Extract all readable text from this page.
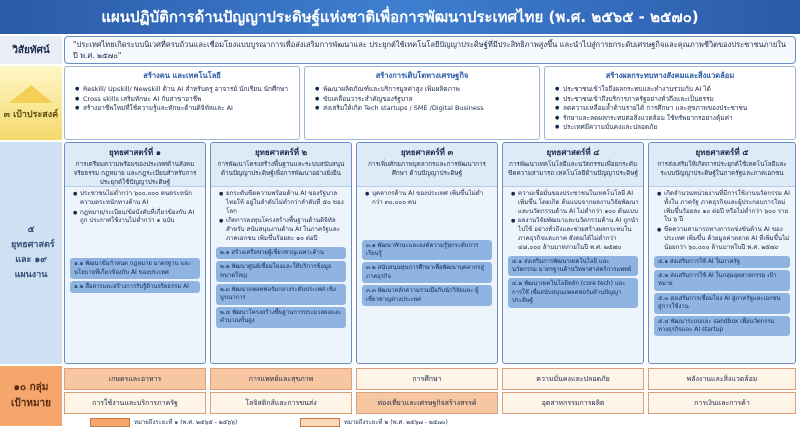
แผนปฏิบัติการด้านปัญญาประดิษฐ์แห่งชาติเพื่อการพัฒนาประเทศไทย (พ.ศ. ๒๕๖๕ - ๒๕๗๐)
วิสัยทัศน์
๓ เป้าประสงค์
๕ ยุทธศาสตร์ และ ๑๙ แผนงาน
๑๐ กลุ่มเป้าหมาย
"ประเทศไทยเกิดระบบนิเวศที่ครบถ้วนและเชื่อมโยงแบบบูรณาการเพื่อส่งเสริมการพัฒนาและ ประยุกต์ใช้เทคโนโลยีปัญญาประดิษฐ์ที่มีประสิทธิภาพสูงขึ้น และนำไปสู่การยกระดับเศรษฐกิจและคุณภาพชีวิตของประชาชนภายในปี พ.ศ. ๒๕๗๐"
สร้างคน และเทคโนโลยี
● Reskill/ Upskill/ Newskill ด้าน AI สำหรับครู อาจารย์ นักเรียน นักศึกษา
● Cross skills เสริมทักษะ AI กับสาขาอาชีพ
● สร้างอาชีพใหม่ที่ใช้ความรู้และทักษะด้านดิจิทัลและ AI
สร้างการเติบโตทางเศรษฐกิจ
● พัฒนาผลิตภัณฑ์และบริการมูลค่าสูง เพิ่มผลิตภาพ
● ขับเคลื่อนวาระสำคัญของรัฐบาล
● ส่งเสริมให้เกิด Tech startups / SME /Digital Business
สร้างผลกระทบทางสังคมและสิ่งแวดล้อม
● ประชาชนเข้าใจถึงผลกระทบและทำงานร่วมกับ AI ได้
● ประชาชนเข้าถึงบริการภาครัฐอย่างทั่วถึงและเป็นธรรม
● ลดความเหลื่อมล้ำด้านรายได้ การศึกษา และสุขภาพของประชาชน
● รักษาและลดผลกระทบต่อสิ่งแวดล้อม ใช้ทรัพยากรอย่างคุ้มค่า
● ประเทศมีความมั่นคงและปลอดภัย
ยุทธศาสตร์ที่ ๑
การเตรียมความพร้อมของประเทศด้านสังคม จริยธรรม กฎหมาย และกฎระเบียบสำหรับการ ประยุกต์ใช้ปัญญาประดิษฐ์
● ประชาชนไม่ต่ำกว่า ๖๐๐,๐๐๐ คนตระหนัก ความตระหนักทางด้าน AI
● กฎหมาย/ระเบียบ/ข้อบังคับที่เกี่ยวข้องกับ AI ถูก ประกาศใช้งานไม่ต่ำกว่า ๑ ฉบับ
๑.๑ พัฒนาข้อกำหนด กฎหมาย มาตรฐาน และ นโยบายที่เกี่ยวข้องกับ AI ของประเทศ
๑.๒ สื่อสารและสร้างการรับรู้ด้านจริยธรรม AI
ยุทธศาสตร์ที่ ๒
การพัฒนาโครงสร้างพื้นฐานและระบบสนับสนุน ด้านปัญญาประดิษฐ์เพื่อการพัฒนาอย่างยั่งยืน
● ยกระดับขีดความพร้อมด้าน AI ของรัฐบาลไทยให้ อยู่ในลำดับไม่ต่ำกว่าลำดับที่ ๕๐ ของโลก
● เกิดการลงทุนโครงสร้างพื้นฐานด้านดิจิทัลสำหรับ สนับสนุนงานด้าน AI ในภาครัฐและภาคเอกชน เพิ่มขึ้นร้อยละ ๑๐ ต่อปี
๒.๑ สร้างเครือข่ายผู้เชี่ยวชาญเฉพาะด้าน
๒.๒ พัฒนาศูนย์เชื่อมโยงและให้บริการข้อมูล ขนาดใหญ่
๒.๓ พัฒนาแพลตฟอร์มกลางระดับประเทศ เชิงบูรณาการ
๒.๔ พัฒนาโครงสร้างพื้นฐานการประมวลผลและ คำนวณขั้นสูง
ยุทธศาสตร์ที่ ๓
การเพิ่มศักยภาพบุคลากรและการพัฒนาการศึกษา ด้านปัญญาประดิษฐ์
● บุคลากรด้าน AI ของประเทศ เพิ่มขึ้นไม่ต่ำกว่า ๓๐,๐๐๐ คน
๓.๑ พัฒนาทักษะและองค์ความรู้ทุกระดับการ เรียนรู้
๓.๒ สนับสนุนทุนการศึกษาเพื่อพัฒนาบุคลากรสู่ ภาคธุรกิจ
๓.๓ พัฒนาหลักความร่วมมือกับนักวิจัยและ ผู้เชี่ยวชาญต่างประเทศ
ยุทธศาสตร์ที่ ๔
การพัฒนาเทคโนโลยีและนวัตกรรมเพื่อยกระดับขีดความสามารถ เทคโนโลยีด้านปัญญาประดิษฐ์
● ความเชื่อมั่นของประชาชนในเทคโนโลยี AI เพิ่มขึ้น โดยเกิด ต้นแบบจากผลงานวิจัยพัฒนาและนวัตกรรมด้าน AI ไม่ต่ำกว่า ๑๐๐ ต้นแบบ
● ผลงานวิจัยพัฒนาและนวัตกรรมด้าน AI ถูกนำไปใช้ อย่างทั่วถึงและช่วยสร้างผลกระทบในภาคธุรกิจและภาค สังคมได้ไม่ต่ำกว่า ๔๘,๐๐๐ ล้านบาทภายในปี พ.ศ. ๒๕๗๐
๔.๑ ส่งเสริมการพัฒนาเทคโนโลยี และนวัตกรรม มาตรฐานด้านวิทยาศาสตร์การแพทย์
๔.๒ พัฒนาเทคโนโลยีหลัก (core tech) และการใช้ เพื่อสนับสนุนแพลตฟอร์มด้านปัญญาประดิษฐ์
ยุทธศาสตร์ที่ ๕
การส่งเสริมให้เกิดการประยุกต์ใช้เทคโนโลยีและ ระบบปัญญาประดิษฐ์ในภาครัฐและภาคเอกชน
● เกิดจำนวนหน่วยงานที่มีการใช้งานนวัตกรรม AI ทั้งใน ภาครัฐ ภาคธุรกิจและผู้ประกอบการใหม่ เพิ่มขึ้นร้อยละ ๑๐ ต่อปี หรือไม่ต่ำกว่า ๖๐๐ รายใน ๖ ปี
● ขีดความสามารถทางการแข่งขันด้าน AI ของประเทศ เพิ่มขึ้น ด้วยมูลค่าตลาด AI ที่เพิ่มขึ้นไม่น้อยกว่า ๖๐,๐๐๐ ล้านบาทในปี พ.ศ. ๒๕๗๐
๕.๑ ส่งเสริมการใช้ AI ในภาครัฐ
๕.๒ ส่งเสริมการใช้ AI ในกลุ่มอุตสาหกรรม เป้าหมาย
๕.๓ ส่งเสริมการเชื่อมโยง AI สู่ภาครัฐและเอกชน สู่การใช้งาน
๕.๔ พัฒนาระบบและ sandbox เพื่อนวัตกรรม ทางธุรกิจและ AI startup
เกษตรและอาหาร	การแพทย์และสุขภาพ	การศึกษา	ความมั่นคงและปลอดภัย	พลังงานและสิ่งแวดล้อม
การใช้งานและบริการภาครัฐ	โลจิสติกส์และการขนส่ง	ท่องเที่ยวและเศรษฐกิจสร้างสรรค์	อุตสาหกรรมการผลิต	การเงินและการค้า
หมายถึงระยะที่ ๑ (พ.ศ. ๒๕๖๕ - ๒๕๖๖)	หมายถึงระยะที่ ๒ (พ.ศ. ๒๕๖๗ - ๒๕๗๐)
